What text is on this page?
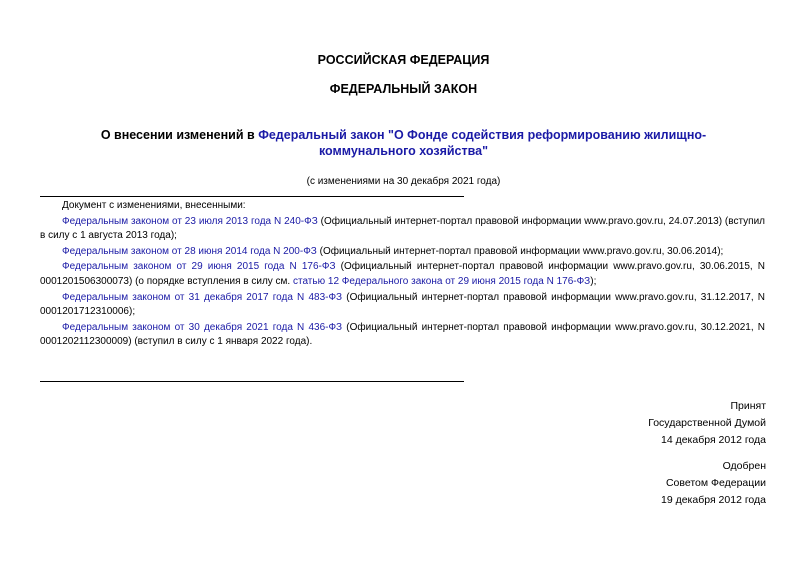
РОССИЙСКАЯ ФЕДЕРАЦИЯ
ФЕДЕРАЛЬНЫЙ ЗАКОН
О внесении изменений в Федеральный закон "О Фонде содействия реформированию жилищно-коммунального хозяйства"
(с изменениями на 30 декабря 2021 года)

Документ с изменениями, внесенными:

Федеральным законом от 23 июля 2013 года N 240-ФЗ (Официальный интернет-портал правовой информации www.pravo.gov.ru, 24.07.2013) (вступил в силу с 1 августа 2013 года);

Федеральным законом от 28 июня 2014 года N 200-ФЗ (Официальный интернет-портал правовой информации www.pravo.gov.ru, 30.06.2014);

Федеральным законом от 29 июня 2015 года N 176-ФЗ (Официальный интернет-портал правовой информации www.pravo.gov.ru, 30.06.2015, N 0001201506300073) (о порядке вступления в силу см. статью 12 Федерального закона от 29 июня 2015 года N 176-ФЗ);

Федеральным законом от 31 декабря 2017 года N 483-ФЗ (Официальный интернет-портал правовой информации www.pravo.gov.ru, 31.12.2017, N 0001201712310006);

Федеральным законом от 30 декабря 2021 года N 436-ФЗ (Официальный интернет-портал правовой информации www.pravo.gov.ru, 30.12.2021, N 0001202112300009) (вступил в силу с 1 января 2022 года).

Принят
Государственной Думой
14 декабря 2012 года
Одобрен
Советом Федерации
19 декабря 2012 года
